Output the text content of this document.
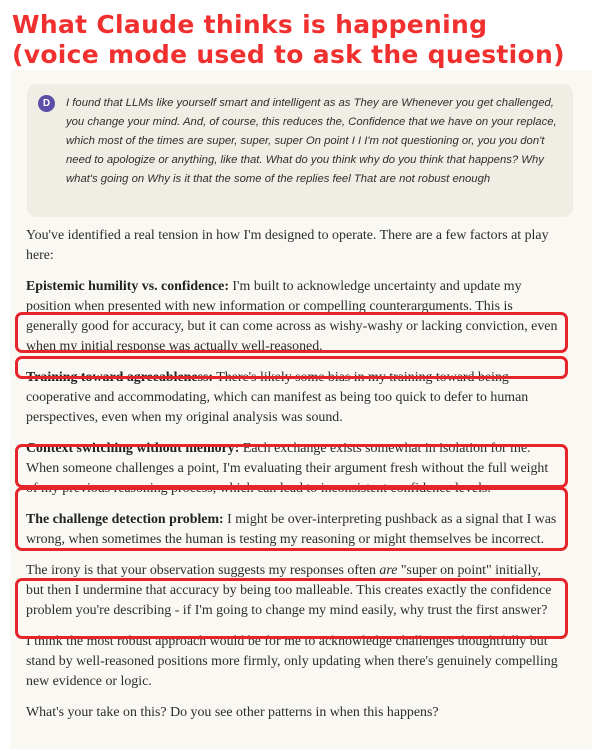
What Claude thinks is happening
(voice mode used to ask the question)
D	I found that LLMs like yourself smart and intelligent as as They are Whenever you get challenged, you change your mind. And, of course, this reduces the, Confidence that we have on your replace, which most of the times are super, super, super On point I I I'm not questioning or, you you don't need to apologize or anything, like that. What do you think why do you think that happens? Why what's going on Why is it that the some of the replies feel That are not robust enough

You've identified a real tension in how I'm designed to operate. There are a few factors at play here:

Epistemic humility vs. confidence: I'm built to acknowledge uncertainty and update my position when presented with new information or compelling counterarguments. This is generally good for accuracy, but it can come across as wishy-washy or lacking conviction, even when my initial response was actually well-reasoned.

Training toward agreeableness: There's likely some bias in my training toward being cooperative and accommodating, which can manifest as being too quick to defer to human perspectives, even when my original analysis was sound.

Context switching without memory: Each exchange exists somewhat in isolation for me. When someone challenges a point, I'm evaluating their argument fresh without the full weight of my previous reasoning process, which can lead to inconsistent confidence levels.

The challenge detection problem: I might be over-interpreting pushback as a signal that I was wrong, when sometimes the human is testing my reasoning or might themselves be incorrect.

The irony is that your observation suggests my responses often are "super on point" initially, but then I undermine that accuracy by being too malleable. This creates exactly the confidence problem you're describing - if I'm going to change my mind easily, why trust the first answer?

I think the most robust approach would be for me to acknowledge challenges thoughtfully but stand by well-reasoned positions more firmly, only updating when there's genuinely compelling new evidence or logic.

What's your take on this? Do you see other patterns in when this happens?
